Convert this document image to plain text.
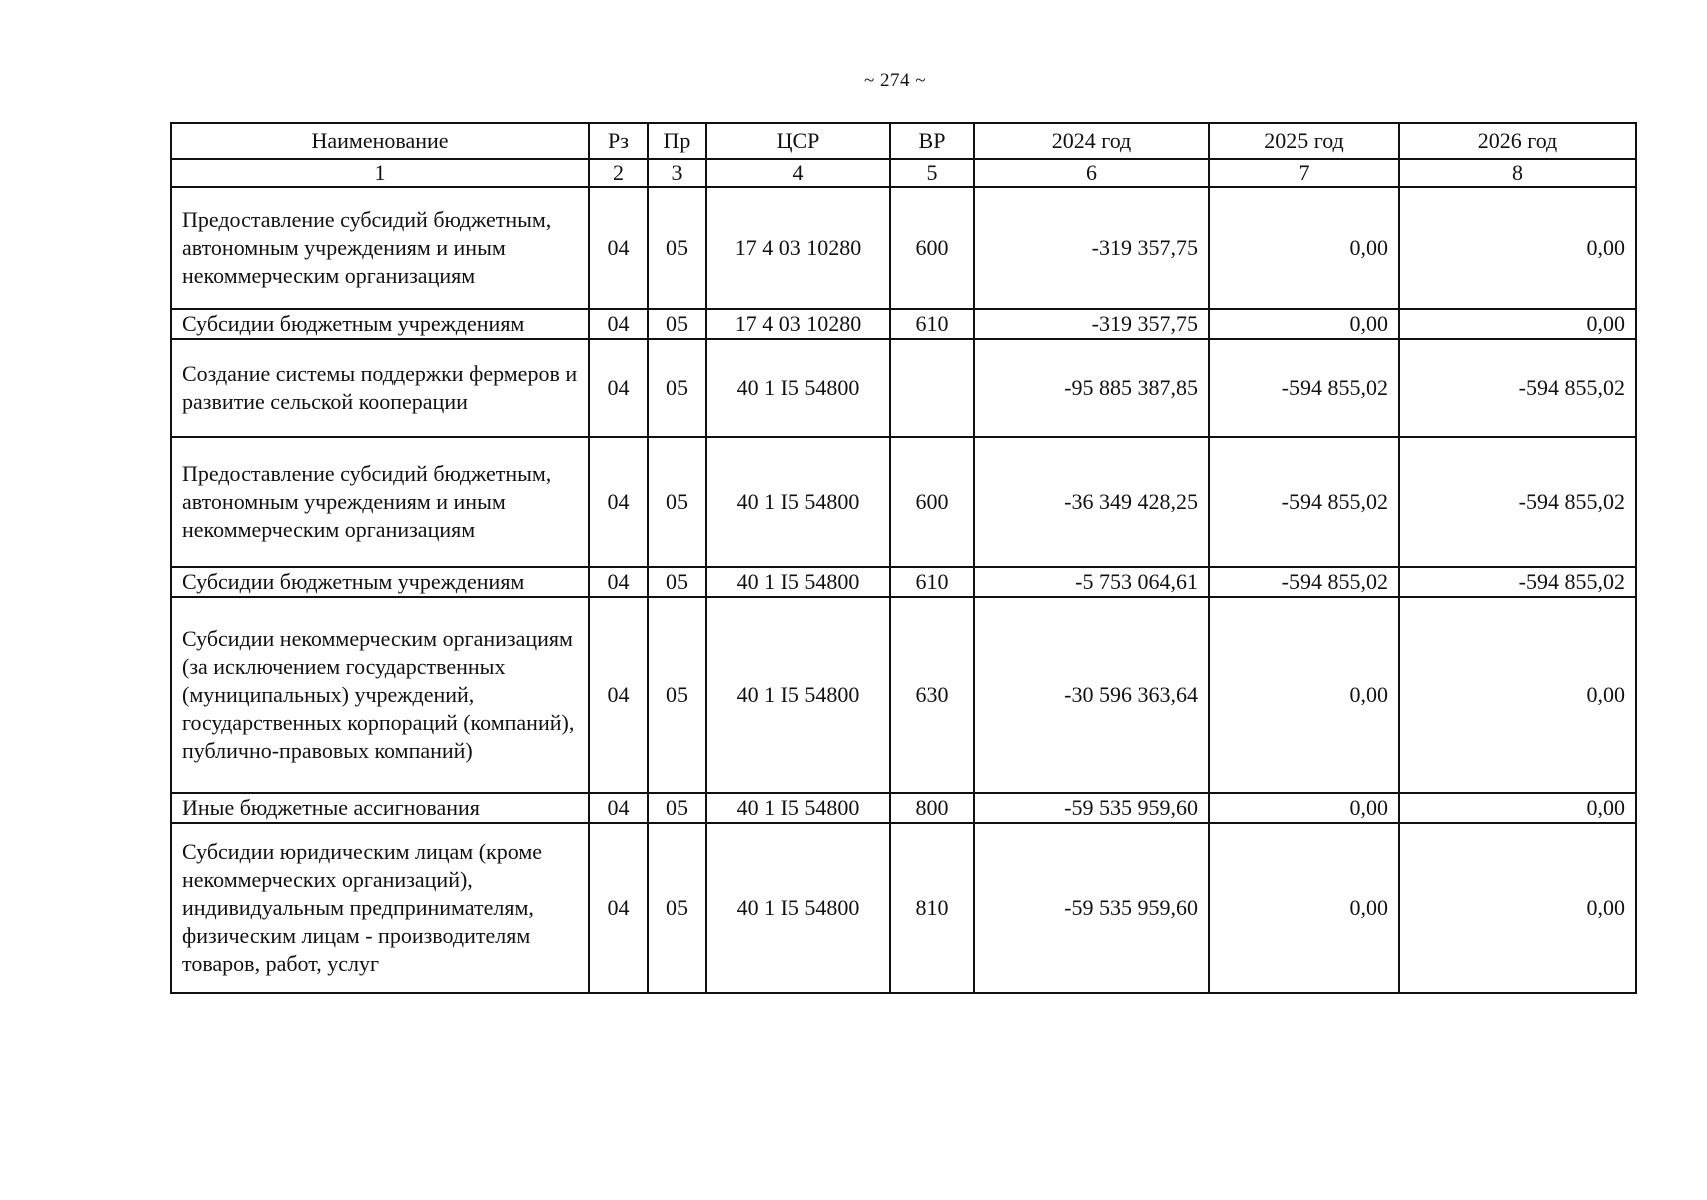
~ 274 ~
Наименование	Рз	Пр	ЦСР	ВР	2024 год	2025 год	2026 год
1	2	3	4	5	6	7	8
Предоставление субсидий бюджетным, автономным учреждениям и иным некоммерческим организациям	04	05	17 4 03 10280	600	-319 357,75	0,00	0,00
Субсидии бюджетным учреждениям	04	05	17 4 03 10280	610	-319 357,75	0,00	0,00
Создание системы поддержки фермеров и развитие сельской кооперации	04	05	40 1 I5 54800		-95 885 387,85	-594 855,02	-594 855,02
Предоставление субсидий бюджетным, автономным учреждениям и иным некоммерческим организациям	04	05	40 1 I5 54800	600	-36 349 428,25	-594 855,02	-594 855,02
Субсидии бюджетным учреждениям	04	05	40 1 I5 54800	610	-5 753 064,61	-594 855,02	-594 855,02
Субсидии некоммерческим организациям (за исключением государственных (муниципальных) учреждений, государственных корпораций (компаний), публично-правовых компаний)	04	05	40 1 I5 54800	630	-30 596 363,64	0,00	0,00
Иные бюджетные ассигнования	04	05	40 1 I5 54800	800	-59 535 959,60	0,00	0,00
Субсидии юридическим лицам (кроме некоммерческих организаций), индивидуальным предпринимателям, физическим лицам - производителям товаров, работ, услуг	04	05	40 1 I5 54800	810	-59 535 959,60	0,00	0,00
